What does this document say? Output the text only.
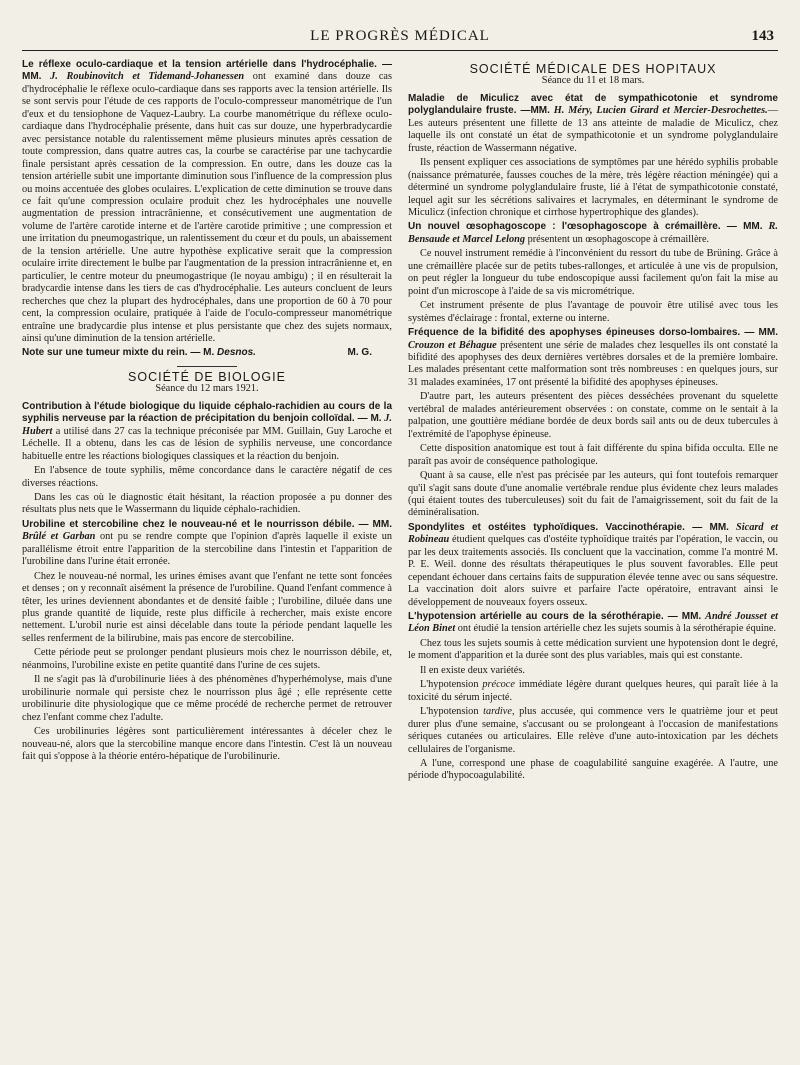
LE PROGRÈS MÉDICAL	143

Le réflexe oculo-cardiaque et la tension artérielle dans l'hydrocéphalie. — MM. J. Roubinovitch et Tidemand-Johanessen ont examiné dans douze cas d'hydrocéphalie le réflexe oculo-cardiaque dans ses rapports avec la tension artérielle. Ils se sont servis pour l'étude de ces rapports de l'oculo-compresseur manométrique de l'un d'eux et du tensiophone de Vaquez-Laubry. La courbe manométrique du réflexe oculo-cardiaque dans l'hydrocéphalie présente, dans huit cas sur douze, une hyperbradycardie avec persistance notable du ralentissement même plusieurs minutes après cessation de toute compression, dans quatre autres cas, la courbe se caractérise par une tachycardie finale persistant après cessation de la compression. En outre, dans les douze cas la tension artérielle subit une importante diminution sous l'influence de la compression plus ou moins accentuée des globes oculaires. L'explication de cette diminution se trouve dans ce fait qu'une compression oculaire produit chez les hydrocéphales une nouvelle augmentation de pression intracrânienne, et consécutivement une augmentation de volume de l'artère carotide interne et de l'artère carotide primitive ; une compression et une irritation du pneumogastrique, un ralentissement du cœur et du pouls, un abaissement de la tension artérielle. Une autre hypothèse explicative serait que la compression oculaire irrite directement le bulbe par l'augmentation de la pression intracrânienne et, en particulier, le centre moteur du pneumogastrique (le noyau ambigu) ; il en résulterait la bradycardie intense dans les tiers de cas d'hydrocéphalie. Les auteurs concluent de leurs recherches que chez la plupart des hydrocéphales, dans une proportion de 60 à 70 pour cent, la compression oculaire, pratiquée à l'aide de l'oculo-compresseur manométrique entraîne une bradycardie plus intense et plus persistante que chez des sujets normaux, ainsi qu'une diminution de la tension artérielle.

Note sur une tumeur mixte du rein. — M. Desnos.	M. G.
SOCIÉTÉ DE BIOLOGIE
Séance du 12 mars 1921.

Contribution à l'étude biologique du liquide céphalo-rachidien au cours de la syphilis nerveuse par la réaction de précipitation du benjoin colloïdal. — M. J. Hubert a utilisé dans 27 cas la technique préconisée par MM. Guillain, Guy Laroche et Léchelle. Il a obtenu, dans les cas de lésion de syphilis nerveuse, une concordance habituelle entre les réactions biologiques classiques et la réaction du benjoin.

En l'absence de toute syphilis, même concordance dans le caractère négatif de ces diverses réactions.

Dans les cas où le diagnostic était hésitant, la réaction proposée a pu donner des résultats plus nets que le Wassermann du liquide céphalo-rachidien.

Urobiline et stercobiline chez le nouveau-né et le nourrisson débile. — MM. Brûlé et Garban ont pu se rendre compte que l'opinion d'après laquelle il existe un parallélisme étroit entre l'apparition de la stercobiline dans l'intestin et l'apparition de l'urobiline dans l'urine était erronée.

Chez le nouveau-né normal, les urines émises avant que l'enfant ne tette sont foncées et denses ; on y reconnaît aisément la présence de l'urobiline. Quand l'enfant commence à têter, les urines deviennent abondantes et de densité faible ; l'urobiline, diluée dans une plus grande quantité de liquide, reste plus difficile à rechercher, mais existe encore nettement. L'urobil nurie est ainsi décelable dans toute la période pendant laquelle les selles renferment de la bilirubine, mais pas encore de stercobiline.

Cette période peut se prolonger pendant plusieurs mois chez le nourrisson débile, et, néanmoins, l'urobiline existe en petite quantité dans l'urine de ces sujets.

Il ne s'agit pas là d'urobilinurie liées à des phénomènes d'hyperhémolyse, mais d'une urobilinurie normale qui persiste chez le nourrisson plus âgé ; elle représente cette urobilinurie dite physiologique que ce même procédé de recherche permet de retrouver chez l'enfant comme chez l'adulte.

Ces urobilinuries légères sont particulièrement intéressantes à déceler chez le nouveau-né, alors que la stercobiline manque encore dans l'intestin. C'est là un nouveau fait qui s'oppose à la théorie entéro-hépatique de l'urobilinurie.

SOCIÉTÉ MÉDICALE DES HOPITAUX
Séance du 11 et 18 mars.

Maladie de Miculicz avec état de sympathicotonie et syndrome polyglandulaire fruste. —MM. H. Méry, Lucien Girard et Mercier-Desrochettes.—Les auteurs présentent une fillette de 13 ans atteinte de maladie de Miculicz, chez laquelle ils ont constaté un état de sympathicotonie et un syndrome polyglandulaire fruste, réaction de Wassermann négative.

Ils pensent expliquer ces associations de symptômes par une hérédo syphilis probable (naissance prématurée, fausses couches de la mère, très légère réaction méningée) qui a déterminé un syndrome polyglandulaire fruste, lié à l'état de sympathicotonie constaté, lequel agit sur les sécrétions salivaires et lacrymales, en déterminant le syndrome de Miculicz (infection chronique et cirrhose hypertrophique des glandes).

Un nouvel œsophagoscope : l'œsophagoscope à crémaillère. — MM. R. Bensaude et Marcel Lelong présentent un œsophagoscope à crémaillère.

Ce nouvel instrument remédie à l'inconvénient du ressort du tube de Brüning. Grâce à une crémaillère placée sur de petits tubes-rallonges, et articulée à une vis de propulsion, on peut régler la longueur du tube endoscopique aussi facilement qu'on fait la mise au point d'un microscope à l'aide de sa vis micrométrique.

Cet instrument présente de plus l'avantage de pouvoir être utilisé avec tous les systèmes d'éclairage : frontal, externe ou interne.

Fréquence de la bifidité des apophyses épineuses dorso-lombaires. — MM. Crouzon et Béhague présentent une série de malades chez lesquelles ils ont constaté la bifidité des apophyses des deux dernières vertèbres dorsales et de la première lombaire. Les malades présentant cette malformation sont très nombreuses : en quelques jours, sur 31 malades examinées, 17 ont présenté la bifidité des apophyses épineuses.

D'autre part, les auteurs présentent des pièces desséchées provenant du squelette vertébral de malades antérieurement observées : on constate, comme on le sentait à la palpation, une gouttière médiane bordée de deux bords sail ants ou de deux tubercules à l'extrémité de l'apophyse épineuse.

Cette disposition anatomique est tout à fait différente du spina bifida occulta. Elle ne paraît pas avoir de conséquence pathologique.

Quant à sa cause, elle n'est pas précisée par les auteurs, qui font toutefois remarquer qu'il s'agit sans doute d'une anomalie vertébrale rendue plus évidente chez leurs malades (qui étaient toutes des tuberculeuses) soit du fait de l'amaigrissement, soit du fait de la déminéralisation.

Spondylites et ostéites typhoïdiques. Vaccinothérapie. — MM. Sicard et Robineau étudient quelques cas d'ostéite typhoïdique traités par l'opération, le vaccin, ou par les deux traitements associés. Ils concluent que la vaccination, comme l'a montré M. P. E. Weil. donne des résultats thérapeutiques le plus souvent favorables. Elle peut cependant échouer dans certains faits de suppuration élevée tenne avec ou sans séquestre. La vaccination doit alors suivre et parfaire l'acte opératoire, entravant ainsi le développement de nouveaux foyers osseux.

L'hypotension artérielle au cours de la sérothérapie. — MM. André Jousset et Léon Binet ont étudié la tension artérielle chez les sujets soumis à la sérothérapie équine.

Chez tous les sujets soumis à cette médication survient une hypotension dont le degré, le moment d'apparition et la durée sont des plus variables, mais qui est constante.

Il en existe deux variétés.

L'hypotension précoce immédiate légère durant quelques heures, qui paraît liée à la toxicité du sérum injecté.

L'hypotension tardive, plus accusée, qui commence vers le quatrième jour et peut durer plus d'une semaine, s'accusant ou se prolongeant à l'occasion de manifestations sériques cutanées ou articulaires. Elle relève d'une auto-intoxication par les déchets cellulaires de l'organisme.

A l'une, correspond une phase de coagulabilité sanguine exagérée. A l'autre, une période d'hypocoagulabilité.
